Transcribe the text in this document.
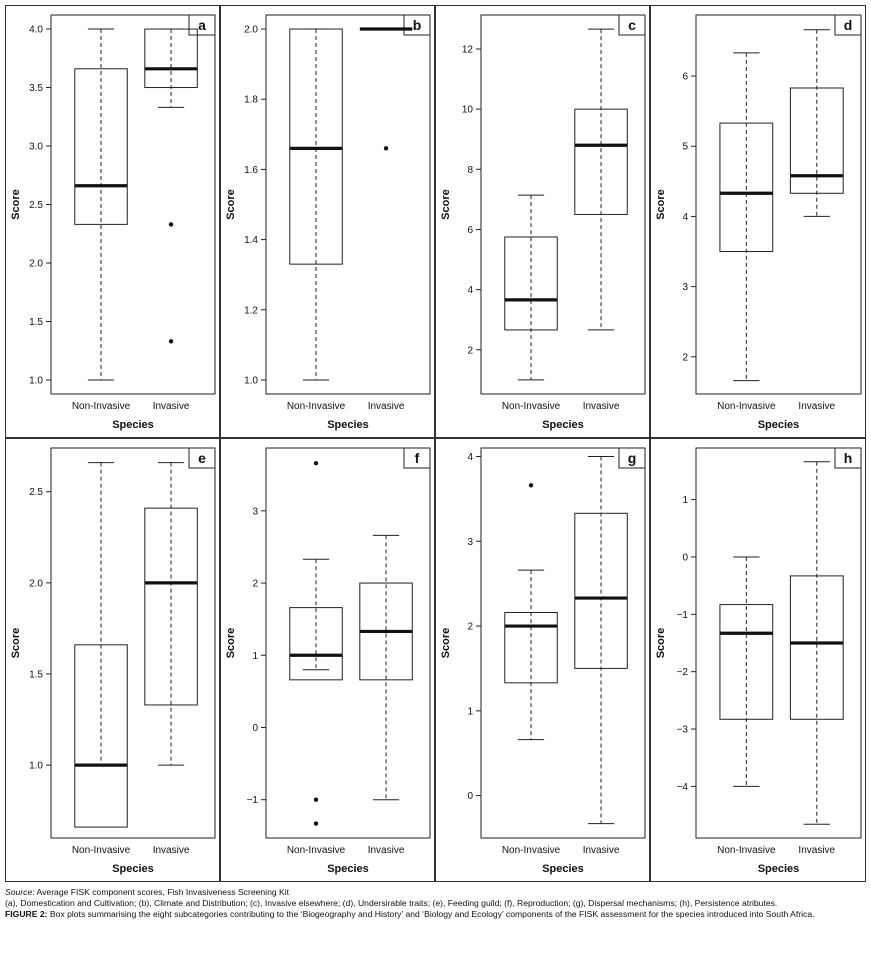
a
1.0
1.5
2.0
2.5
3.0
3.5
4.0
Score
Non-Invasive Invasive
Species
b
1.0
1.2
1.4
1.6
1.8
2.0
Score
Non-Invasive Invasive
Species
c
2
4
6
8
10
12
Score
Non-Invasive Invasive
Species
d
2
3
4
5
6
Score
Non-Invasive Invasive
Species
e
1.0
1.5
2.0
2.5
Score
Non-Invasive Invasive
Species
f
−1
0
1
2
3
Score
Non-Invasive Invasive
Species
g
0
1
2
3
4
Score
Non-Invasive Invasive
Species
h
−4
−3
−2
−1
0
1
Score
Non-Invasive Invasive
Species

Source: Average FISK component scores, Fish Invasiveness Screening Kit

(a), Domestication and Cultivation; (b), Climate and Distribution; (c), Invasive elsewhere; (d), Undersirable traits; (e), Feeding guild; (f), Reproduction; (g), Dispersal mechanisms; (h), Persistence atributes.

FIGURE 2: Box plots summarising the eight subcategories contributing to the ‘Biogeography and History’ and ‘Biology and Ecology’ components of the FISK assessment for the species introduced into South Africa.
